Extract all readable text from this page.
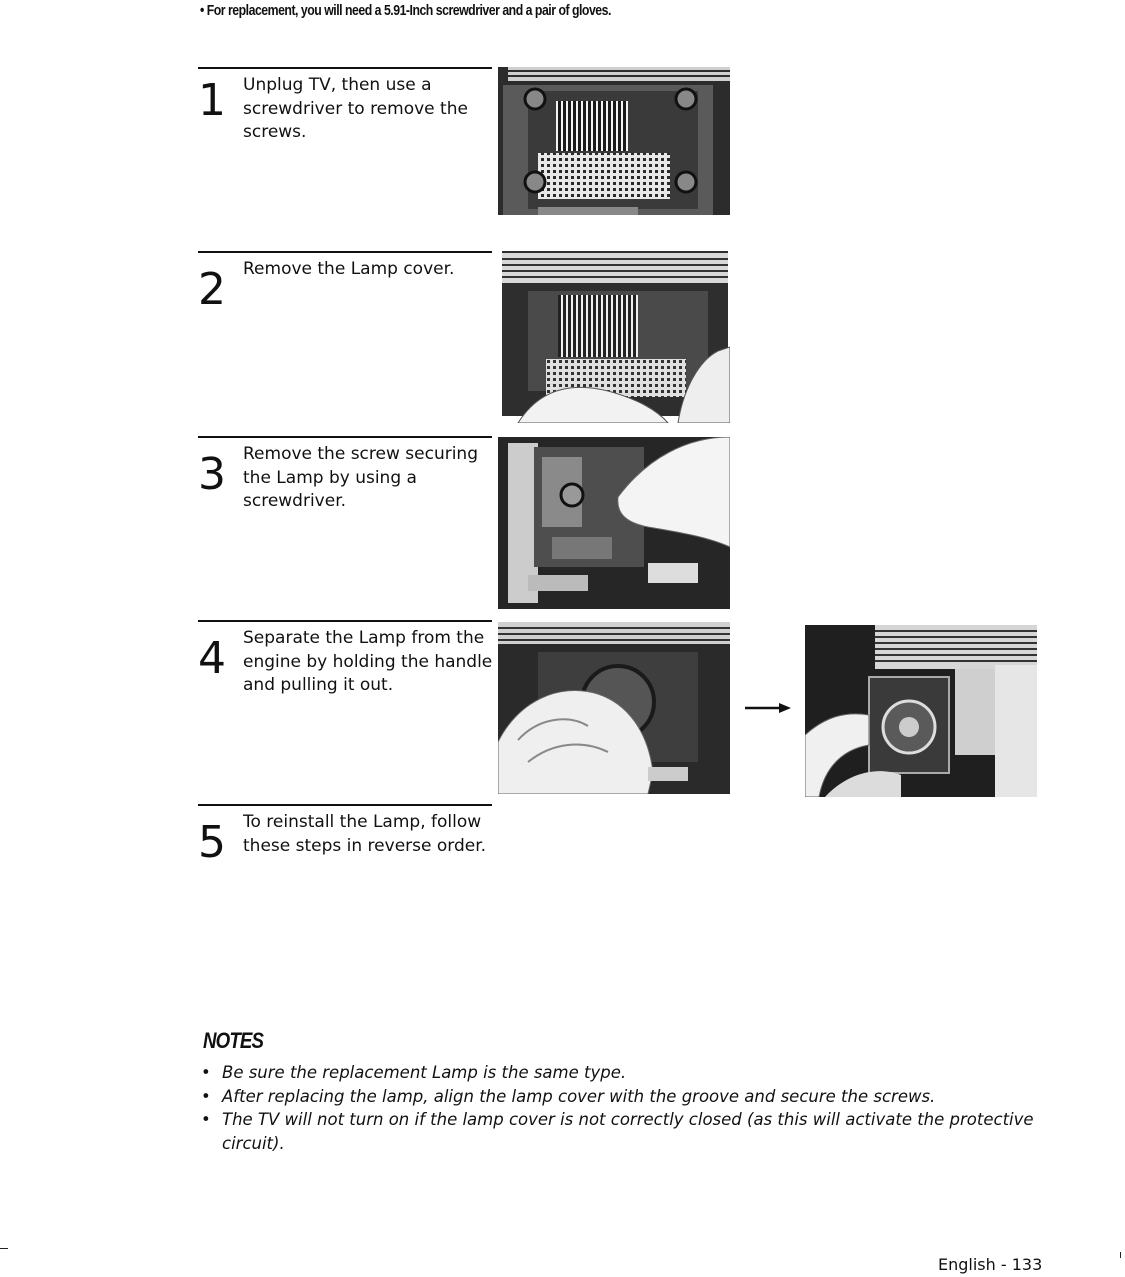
• For replacement, you will need a 5.91-Inch screwdriver and a pair of gloves.
1 Unplug TV, then use a screwdriver to remove the screws.
2 Remove the Lamp cover.
3 Remove the screw securing the Lamp by using a screwdriver.
4 Separate the Lamp from the engine by holding the handle and pulling it out.
5 To reinstall the Lamp, follow these steps in reverse order.
NOTES
• Be sure the replacement Lamp is the same type.
• After replacing the lamp, align the lamp cover with the groove and secure the screws.
• The TV will not turn on if the lamp cover is not correctly closed (as this will activate the protective circuit).
English - 133
